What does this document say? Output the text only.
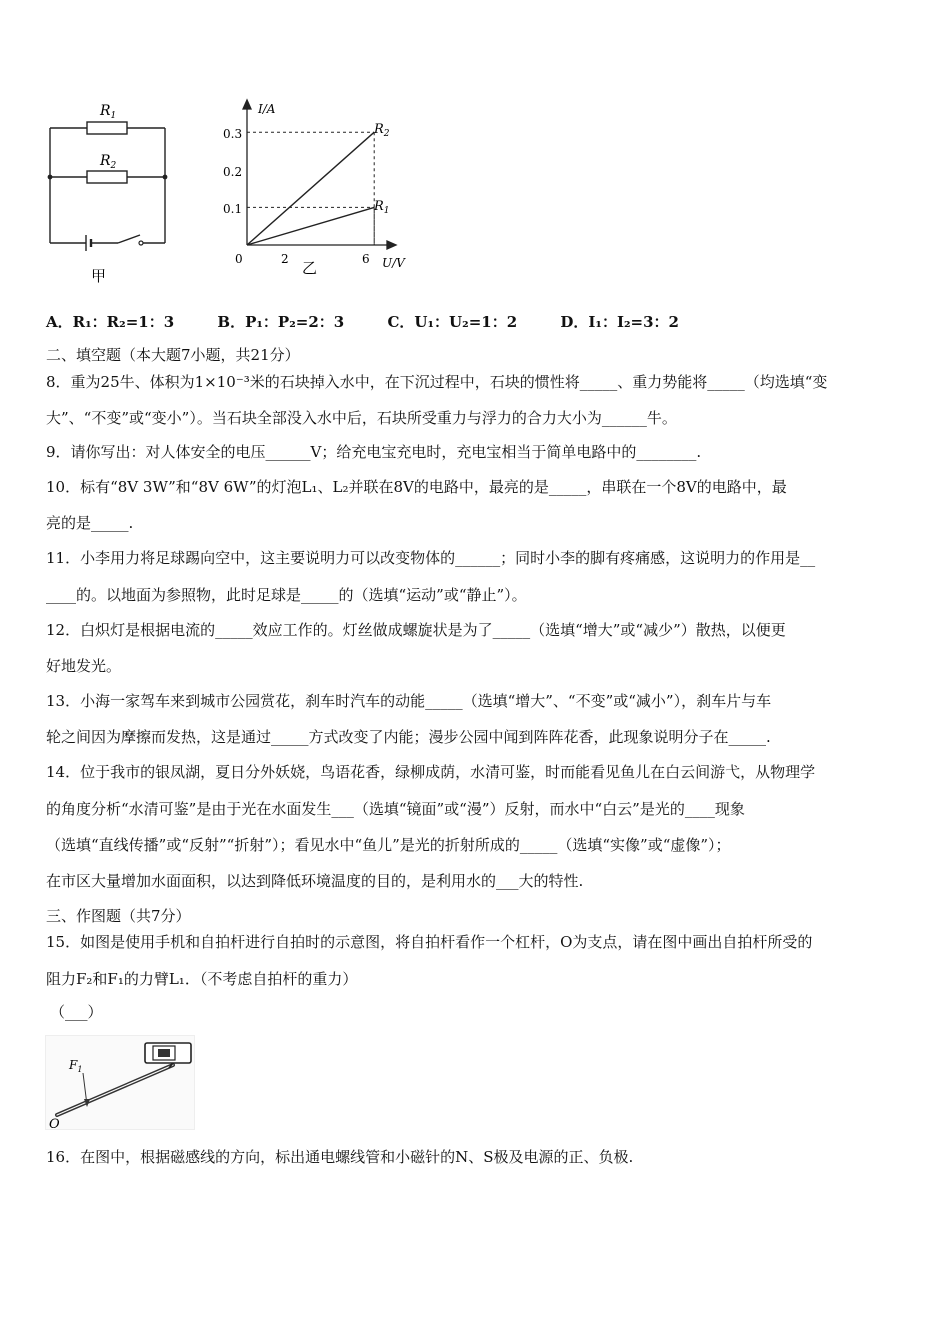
$R_1$
$R_2$
甲
I/A
U/V
0.3
0.2
0.1
0	2	6
$R_2$
$R_1$
乙
A．R₁：R₂=1：3	B．P₁：P₂=2：3	C．U₁：U₂=1：2	D．I₁：I₂=3：2
二、填空题（本大题7小题，共21分）
8．重为25牛、体积为1×10⁻³米的石块掉入水中，在下沉过程中，石块的惯性将_____、重力势能将_____（均选填“变
大”、“不变”或“变小”）。当石块全部没入水中后，石块所受重力与浮力的合力大小为______牛。
9．请你写出：对人体安全的电压______V；给充电宝充电时，充电宝相当于简单电路中的________.
10．标有“8V 3W”和“8V 6W”的灯泡L₁、L₂并联在8V的电路中，最亮的是_____，串联在一个8V的电路中，最
亮的是_____.
11．小李用力将足球踢向空中，这主要说明力可以改变物体的______；同时小李的脚有疼痛感，这说明力的作用是__
____的。以地面为参照物，此时足球是_____的（选填“运动”或“静止”）。
12．白炽灯是根据电流的_____效应工作的。灯丝做成螺旋状是为了_____（选填“增大”或“减少”）散热，以便更
好地发光。
13．小海一家驾车来到城市公园赏花，刹车时汽车的动能_____（选填“增大”、“不变”或“减小”），刹车片与车
轮之间因为摩擦而发热，这是通过_____方式改变了内能；漫步公园中闻到阵阵花香，此现象说明分子在_____.
14．位于我市的银凤湖，夏日分外妖娆，鸟语花香，绿柳成荫，水清可鉴，时而能看见鱼儿在白云间游弋，从物理学
的角度分析“水清可鉴”是由于光在水面发生___（选填“镜面”或“漫”）反射，而水中“白云”是光的____现象
（选填“直线传播”或“反射”“折射”）；看见水中“鱼儿”是光的折射所成的_____（选填“实像”或“虚像”）；
在市区大量增加水面面积，以达到降低环境温度的目的，是利用水的___大的特性.
三、作图题（共7分）
15．如图是使用手机和自拍杆进行自拍时的示意图，将自拍杆看作一个杠杆，O为支点，请在图中画出自拍杆所受的
阻力F₂和F₁的力臂L₁．（不考虑自拍杆的重力）
（___）
$F_1$
O
16．在图中，根据磁感线的方向，标出通电螺线管和小磁针的N、S极及电源的正、负极.
